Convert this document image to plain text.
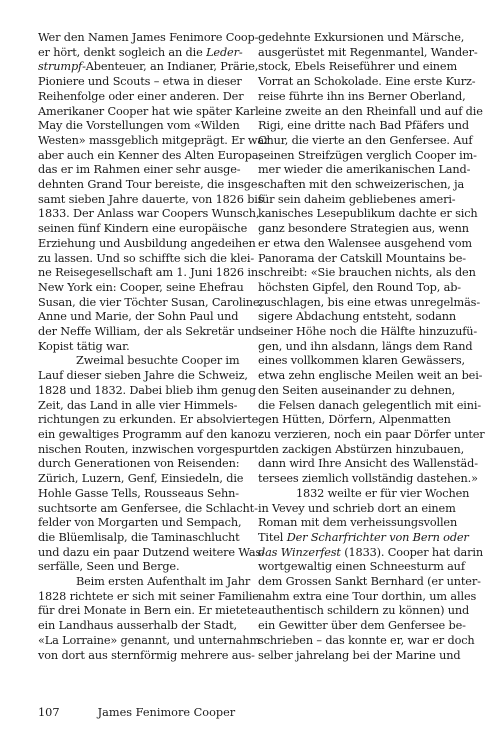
Wer den Namen James Fenimore Coop-
er hört, denkt sogleich an die Leder-
strumpf-Abenteuer, an Indianer, Prärie,
Pioniere und Scouts – etwa in dieser
Reihenfolge oder einer anderen. Der
Amerikaner Cooper hat wie später Karl
May die Vorstellungen vom «Wilden
Westen» massgeblich mitgeprägt. Er war
aber auch ein Kenner des Alten Europa,
das er im Rahmen einer sehr ausge-
dehnten Grand Tour bereiste, die insge-
samt sieben Jahre dauerte, von 1826 bis
1833. Der Anlass war Coopers Wunsch,
seinen fünf Kindern eine europäische
Erziehung und Ausbildung angedeihen
zu lassen. Und so schiffte sich die klei-
ne Reisegesellschaft am 1. Juni 1826 in
New York ein: Cooper, seine Ehefrau
Susan, die vier Töchter Susan, Caroline,
Anne und Marie, der Sohn Paul und
der Neffe William, der als Sekretär und
Kopist tätig war.
Zweimal besuchte Cooper im
Lauf dieser sieben Jahre die Schweiz,
1828 und 1832. Dabei blieb ihm genug
Zeit, das Land in alle vier Himmels-
richtungen zu erkunden. Er absolvierte
ein gewaltiges Programm auf den kano-
nischen Routen, inzwischen vorgespurt
durch Generationen von Reisenden:
Zürich, Luzern, Genf, Einsiedeln, die
Hohle Gasse Tells, Rousseaus Sehn-
suchtsorte am Genfersee, die Schlacht-
felder von Morgarten und Sempach,
die Blüemlisalp, die Taminaschlucht
und dazu ein paar Dutzend weitere Was-
serfälle, Seen und Berge.
Beim ersten Aufenthalt im Jahr
1828 richtete er sich mit seiner Familie
für drei Monate in Bern ein. Er mietete
ein Landhaus ausserhalb der Stadt,
«La Lorraine» genannt, und unternahm
von dort aus sternförmig mehrere aus-
gedehnte Exkursionen und Märsche,
ausgerüstet mit Regenmantel, Wander-
stock, Ebels Reiseführer und einem
Vorrat an Schokolade. Eine erste Kurz-
reise führte ihn ins Berner Oberland,
eine zweite an den Rheinfall und auf die
Rigi, eine dritte nach Bad Pfäfers und
Chur, die vierte an den Genfersee. Auf
seinen Streifzügen verglich Cooper im-
mer wieder die amerikanischen Land-
schaften mit den schweizerischen, ja
für sein daheim gebliebenes ameri-
kanisches Lesepublikum dachte er sich
ganz besondere Strategien aus, wenn
er etwa den Walensee ausgehend vom
Panorama der Catskill Mountains be-
schreibt: «Sie brauchen nichts, als den
höchsten Gipfel, den Round Top, ab-
zuschlagen, bis eine etwas unregelmäs-
sigere Abdachung entsteht, sodann
seiner Höhe noch die Hälfte hinzuzufü-
gen, und ihn alsdann, längs dem Rand
eines vollkommen klaren Gewässers,
etwa zehn englische Meilen weit an bei-
den Seiten auseinander zu dehnen,
die Felsen danach gelegentlich mit eini-
gen Hütten, Dörfern, Alpenmatten
zu verzieren, noch ein paar Dörfer unter
den zackigen Abstürzen hinzubauen,
dann wird Ihre Ansicht des Wallenstäd-
tersees ziemlich vollständig dastehen.»
1832 weilte er für vier Wochen
in Vevey und schrieb dort an einem
Roman mit dem verheissungsvollen
Titel Der Scharfrichter von Bern oder
das Winzerfest (1833). Cooper hat darin
wortgewaltig einen Schneesturm auf
dem Grossen Sankt Bernhard (er unter-
nahm extra eine Tour dorthin, um alles
authentisch schildern zu können) und
ein Gewitter über dem Genfersee be-
schrieben – das konnte er, war er doch
selber jahrelang bei der Marine und
107	James Fenimore Cooper
